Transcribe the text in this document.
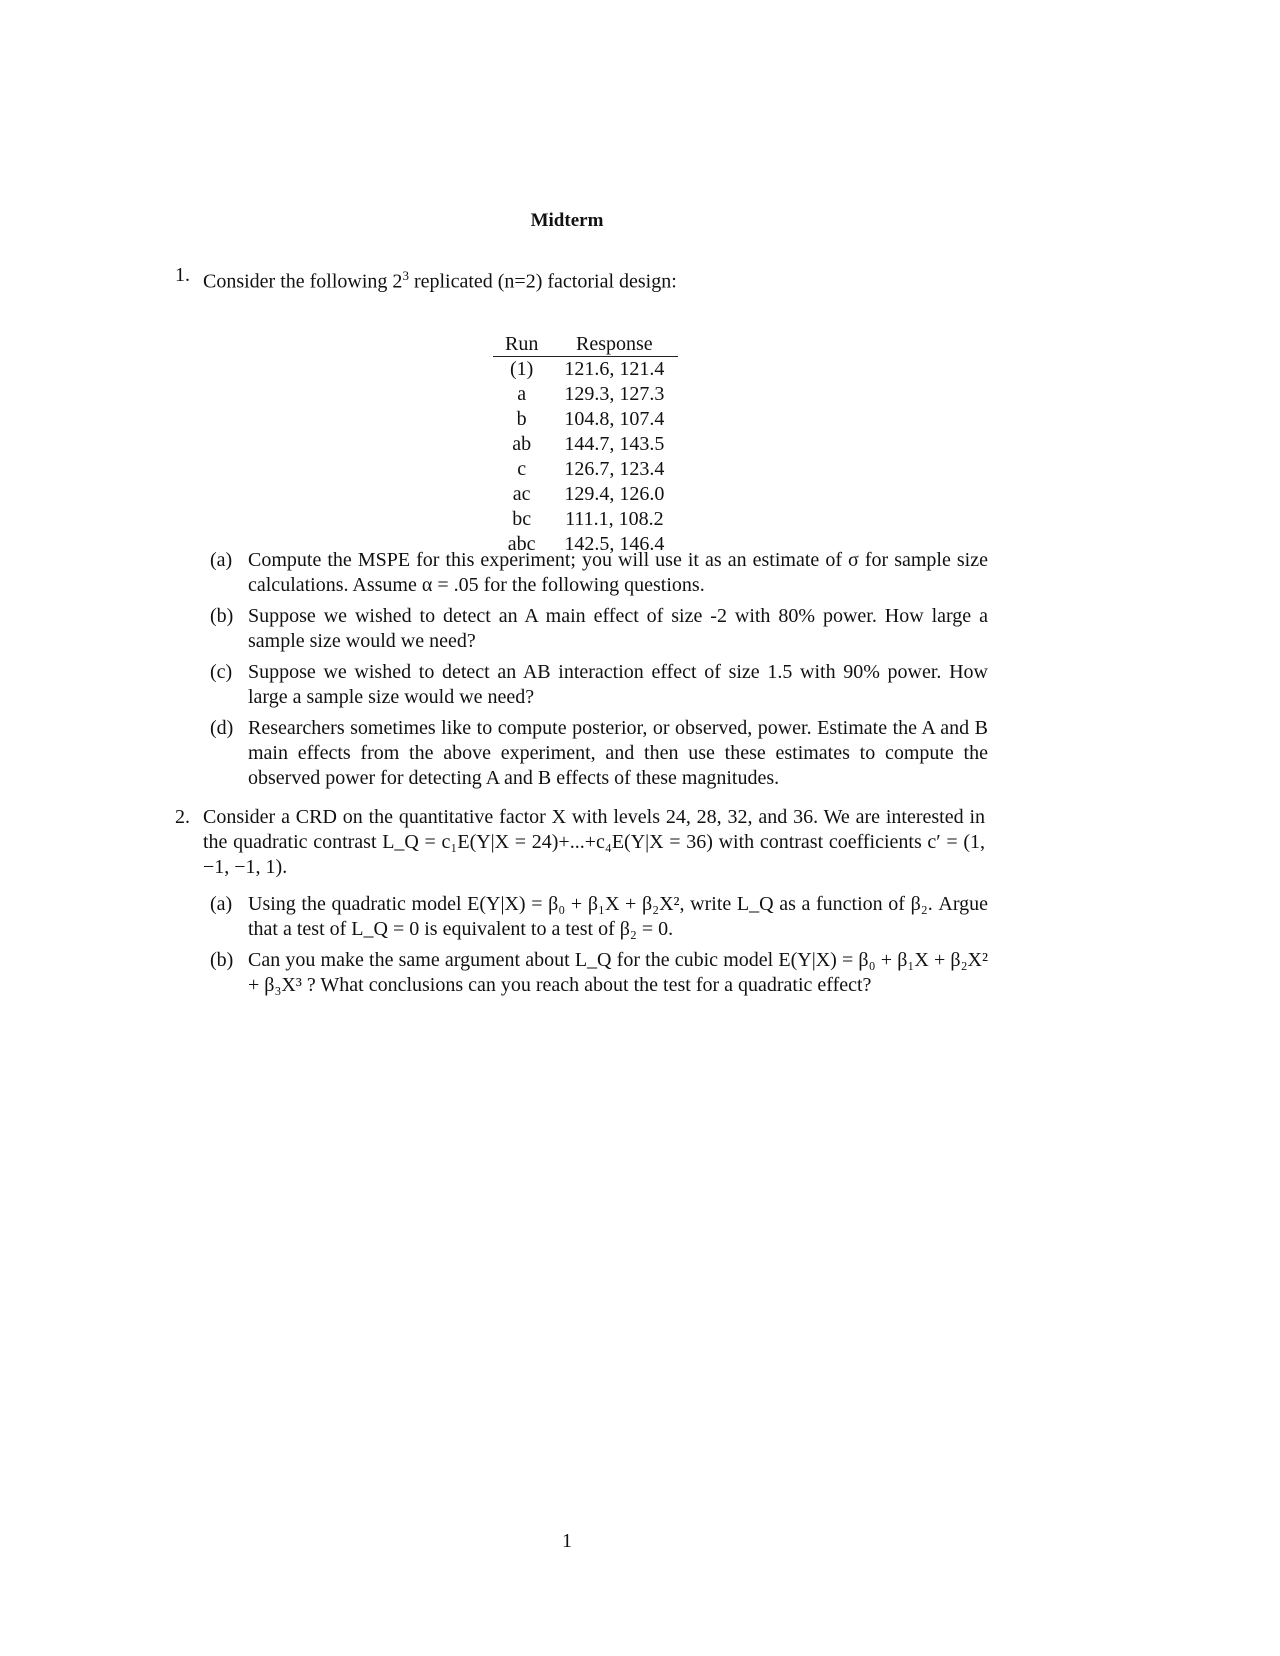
Midterm
1. Consider the following $2^3$ replicated (n=2) factorial design:
Run	Response
(1)	121.6, 121.4
a	129.3, 127.3
b	104.8, 107.4
ab	144.7, 143.5
c	126.7, 123.4
ac	129.4, 126.0
bc	111.1, 108.2
abc	142.5, 146.4
(a) Compute the MSPE for this experiment; you will use it as an estimate of σ for sample size calculations. Assume α = .05 for the following questions.
(b) Suppose we wished to detect an A main effect of size -2 with 80% power. How large a sample size would we need?
(c) Suppose we wished to detect an AB interaction effect of size 1.5 with 90% power. How large a sample size would we need?
(d) Researchers sometimes like to compute posterior, or observed, power. Estimate the A and B main effects from the above experiment, and then use these estimates to compute the observed power for detecting A and B effects of these magnitudes.
2. Consider a CRD on the quantitative factor X with levels 24, 28, 32, and 36. We are interested in the quadratic contrast L_Q = c₁E(Y|X = 24)+...+c₄E(Y|X = 36) with contrast coefficients c′ = (1, −1, −1, 1).
(a) Using the quadratic model E(Y|X) = β₀ + β₁X + β₂X², write L_Q as a function of β₂. Argue that a test of L_Q = 0 is equivalent to a test of β₂ = 0.
(b) Can you make the same argument about L_Q for the cubic model E(Y|X) = β₀ + β₁X + β₂X² + β₃X³ ? What conclusions can you reach about the test for a quadratic effect?
1
